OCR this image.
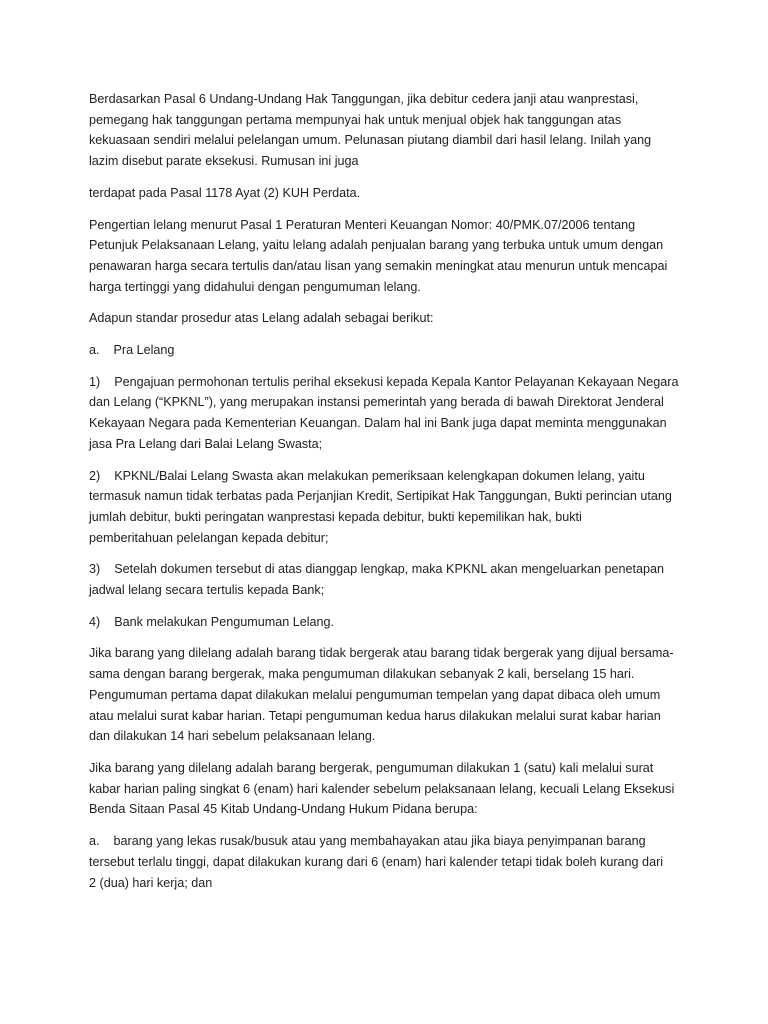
Berdasarkan Pasal 6 Undang-Undang Hak Tanggungan, jika debitur cedera janji atau wanprestasi,
pemegang hak tanggungan pertama mempunyai hak untuk menjual objek hak tanggungan atas
kekuasaan sendiri melalui pelelangan umum. Pelunasan piutang diambil dari hasil lelang. Inilah yang
lazim disebut parate eksekusi. Rumusan ini juga
terdapat pada Pasal 1178 Ayat (2) KUH Perdata.
Pengertian lelang menurut Pasal 1 Peraturan Menteri Keuangan Nomor: 40/PMK.07/2006 tentang
Petunjuk Pelaksanaan Lelang, yaitu lelang adalah penjualan barang yang terbuka untuk umum dengan
penawaran harga secara tertulis dan/atau lisan yang semakin meningkat atau menurun untuk mencapai
harga tertinggi yang didahului dengan pengumuman lelang.
Adapun standar prosedur atas Lelang adalah sebagai berikut:
a.    Pra Lelang
1)    Pengajuan permohonan tertulis perihal eksekusi kepada Kepala Kantor Pelayanan Kekayaan Negara
dan Lelang (“KPKNL”), yang merupakan instansi pemerintah yang berada di bawah Direktorat Jenderal
Kekayaan Negara pada Kementerian Keuangan. Dalam hal ini Bank juga dapat meminta menggunakan
jasa Pra Lelang dari Balai Lelang Swasta;
2)    KPKNL/Balai Lelang Swasta akan melakukan pemeriksaan kelengkapan dokumen lelang, yaitu
termasuk namun tidak terbatas pada Perjanjian Kredit, Sertipikat Hak Tanggungan, Bukti perincian utang
jumlah debitur, bukti peringatan wanprestasi kepada debitur, bukti kepemilikan hak, bukti
pemberitahuan pelelangan kepada debitur;
3)    Setelah dokumen tersebut di atas dianggap lengkap, maka KPKNL akan mengeluarkan penetapan
jadwal lelang secara tertulis kepada Bank;
4)    Bank melakukan Pengumuman Lelang.
Jika barang yang dilelang adalah barang tidak bergerak atau barang tidak bergerak yang dijual bersama-
sama dengan barang bergerak, maka pengumuman dilakukan sebanyak 2 kali, berselang 15 hari.
Pengumuman pertama dapat dilakukan melalui pengumuman tempelan yang dapat dibaca oleh umum
atau melalui surat kabar harian. Tetapi pengumuman kedua harus dilakukan melalui surat kabar harian
dan dilakukan 14 hari sebelum pelaksanaan lelang.
Jika barang yang dilelang adalah barang bergerak, pengumuman dilakukan 1 (satu) kali melalui surat
kabar harian paling singkat 6 (enam) hari kalender sebelum pelaksanaan lelang, kecuali Lelang Eksekusi
Benda Sitaan Pasal 45 Kitab Undang-Undang Hukum Pidana berupa:
a.    barang yang lekas rusak/busuk atau yang membahayakan atau jika biaya penyimpanan barang
tersebut terlalu tinggi, dapat dilakukan kurang dari 6 (enam) hari kalender tetapi tidak boleh kurang dari
2 (dua) hari kerja; dan
